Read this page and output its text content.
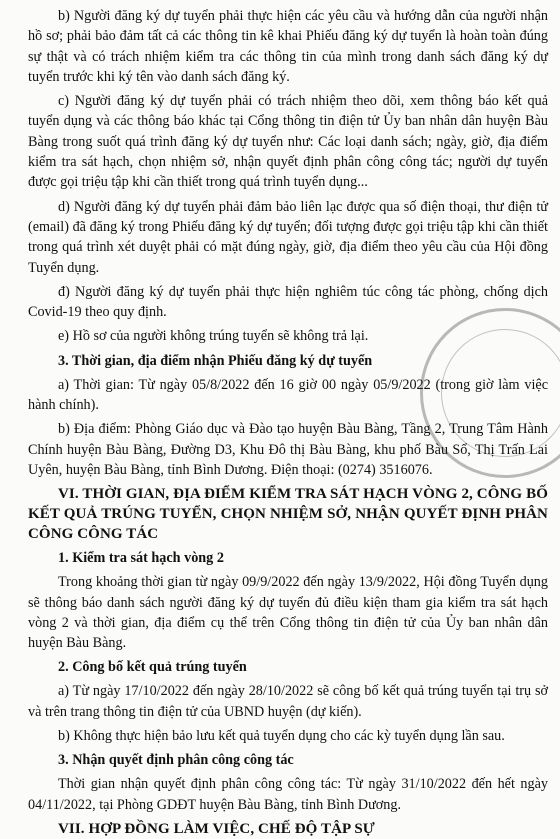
b) Người đăng ký dự tuyển phải thực hiện các yêu cầu và hướng dẫn của người nhận hồ sơ; phải bảo đảm tất cả các thông tin kê khai Phiếu đăng ký dự tuyển là hoàn toàn đúng sự thật và có trách nhiệm kiểm tra các thông tin của mình trong danh sách đăng ký dự tuyển trước khi ký tên vào danh sách đăng ký.

c) Người đăng ký dự tuyển phải có trách nhiệm theo dõi, xem thông báo kết quả tuyển dụng và các thông báo khác tại Cổng thông tin điện tử Ủy ban nhân dân huyện Bàu Bàng trong suốt quá trình đăng ký dự tuyển như: Các loại danh sách; ngày, giờ, địa điểm kiểm tra sát hạch, chọn nhiệm sở, nhận quyết định phân công công tác; người dự tuyển được gọi triệu tập khi cần thiết trong quá trình tuyển dụng...

d) Người đăng ký dự tuyển phải đảm bảo liên lạc được qua số điện thoại, thư điện tử (email) đã đăng ký trong Phiếu đăng ký dự tuyển; đối tượng được gọi triệu tập khi cần thiết trong quá trình xét duyệt phải có mặt đúng ngày, giờ, địa điểm theo yêu cầu của Hội đồng Tuyển dụng.

đ) Người đăng ký dự tuyển phải thực hiện nghiêm túc công tác phòng, chống dịch Covid-19 theo quy định.

e) Hồ sơ của người không trúng tuyển sẽ không trả lại.

3. Thời gian, địa điểm nhận Phiếu đăng ký dự tuyển

a) Thời gian: Từ ngày 05/8/2022 đến 16 giờ 00 ngày 05/9/2022 (trong giờ làm việc hành chính).

b) Địa điểm: Phòng Giáo dục và Đào tạo huyện Bàu Bàng, Tầng 2, Trung Tâm Hành Chính huyện Bàu Bàng, Đường D3, Khu Đô thị Bàu Bàng, khu phố Bàu Sổ, Thị Trấn Lai Uyên, huyện Bàu Bàng, tỉnh Bình Dương. Điện thoại: (0274) 3516076.

VI. THỜI GIAN, ĐỊA ĐIỂM KIỂM TRA SÁT HẠCH VÒNG 2, CÔNG BỐ KẾT QUẢ TRÚNG TUYỂN, CHỌN NHIỆM SỞ, NHẬN QUYẾT ĐỊNH PHÂN CÔNG CÔNG TÁC
1. Kiểm tra sát hạch vòng 2

Trong khoảng thời gian từ ngày 09/9/2022 đến ngày 13/9/2022, Hội đồng Tuyển dụng sẽ thông báo danh sách người đăng ký dự tuyển đủ điều kiện tham gia kiểm tra sát hạch vòng 2 và thời gian, địa điểm cụ thể trên Cổng thông tin điện tử của Ủy ban nhân dân huyện Bàu Bàng.

2. Công bố kết quả trúng tuyển

a) Từ ngày 17/10/2022 đến ngày 28/10/2022 sẽ công bố kết quả trúng tuyển tại trụ sở và trên trang thông tin điện tử của UBND huyện (dự kiến).

b) Không thực hiện bảo lưu kết quả tuyển dụng cho các kỳ tuyển dụng lần sau.

3. Nhận quyết định phân công công tác

Thời gian nhận quyết định phân công công tác: Từ ngày 31/10/2022 đến hết ngày 04/11/2022, tại Phòng GDĐT huyện Bàu Bàng, tỉnh Bình Dương.

VII. HỢP ĐỒNG LÀM VIỆC, CHẾ ĐỘ TẬP SỰ
